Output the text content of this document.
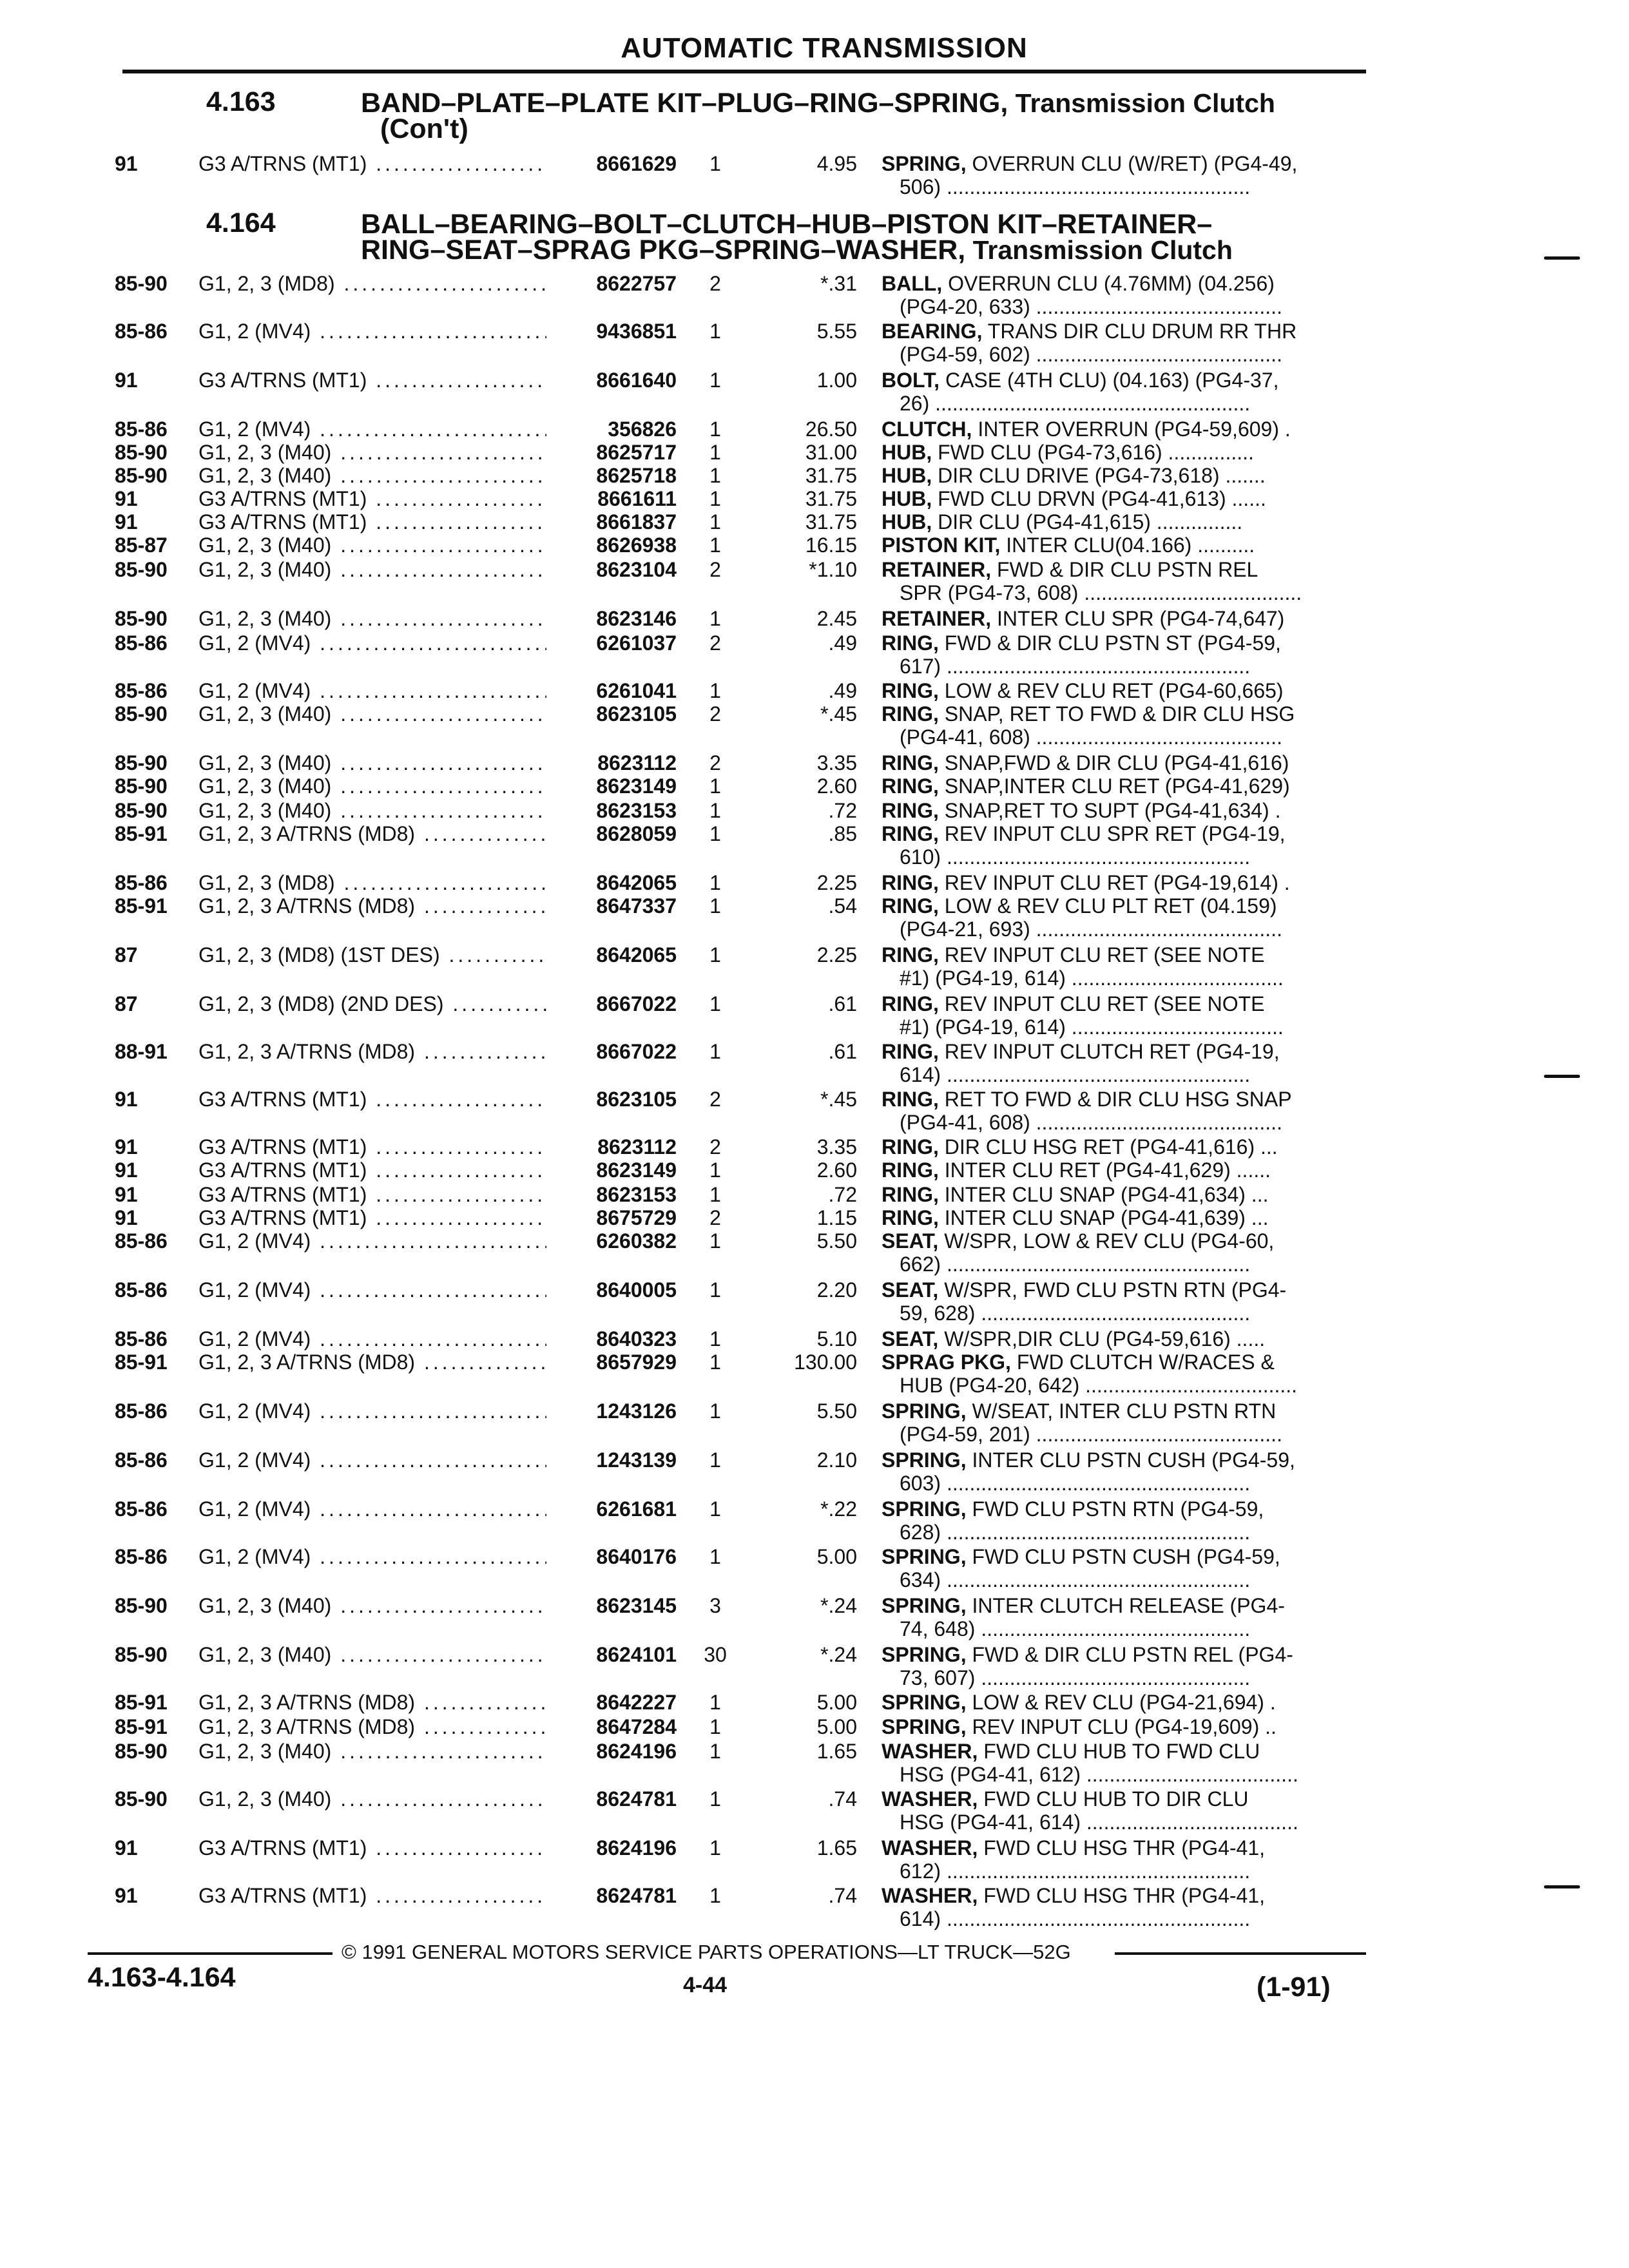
AUTOMATIC TRANSMISSION
4.163	BAND–PLATE–PLATE KIT–PLUG–RING–SPRING, Transmission Clutch
(Con't)
4.164	BALL–BEARING–BOLT–CLUTCH–HUB–PISTON KIT–RETAINER–
RING–SEAT–SPRAG PKG–SPRING–WASHER, Transmission Clutch
91	G3 A/TRNS (MT1) .....	8661629	1	4.95 SPRING, OVERRUN CLU (W/RET) (PG4-49,
506) .....................................................
85-90 G1, 2, 3 (MD8) .....	8622757	2	*.31 BALL, OVERRUN CLU (4.76MM) (04.256)
(PG4-20, 633) ...........................................
85-86 G1, 2 (MV4) .....	9436851	1	5.55 BEARING, TRANS DIR CLU DRUM RR THR
(PG4-59, 602) ...........................................
91	G3 A/TRNS (MT1) .....	8661640	1	1.00 BOLT, CASE (4TH CLU) (04.163) (PG4-37,
26) .......................................................
85-86 G1, 2 (MV4) .....	356826	1	26.50 CLUTCH, INTER OVERRUN (PG4-59,609) .
85-90 G1, 2, 3 (M40) .....	8625717	1	31.00 HUB, FWD CLU (PG4-73,616) ...............
85-90 G1, 2, 3 (M40) .....	8625718	1	31.75 HUB, DIR CLU DRIVE (PG4-73,618) .......
91	G3 A/TRNS (MT1) .....	8661611	1	31.75 HUB, FWD CLU DRVN (PG4-41,613) ......
91	G3 A/TRNS (MT1) .....	8661837	1	31.75 HUB, DIR CLU (PG4-41,615) ...............
85-87 G1, 2, 3 (M40) .....	8626938	1	16.15 PISTON KIT, INTER CLU(04.166) ..........
85-90 G1, 2, 3 (M40) .....	8623104	2	*1.10 RETAINER, FWD & DIR CLU PSTN REL
SPR (PG4-73, 608) ......................................
85-90 G1, 2, 3 (M40) .....	8623146	1	2.45 RETAINER, INTER CLU SPR (PG4-74,647)
85-86 G1, 2 (MV4) .....	6261037	2	.49 RING, FWD & DIR CLU PSTN ST (PG4-59,
617) .....................................................
85-86 G1, 2 (MV4) .....	6261041	1	.49 RING, LOW & REV CLU RET (PG4-60,665)
85-90 G1, 2, 3 (M40) .....	8623105	2	*.45 RING, SNAP, RET TO FWD & DIR CLU HSG
(PG4-41, 608) ...........................................
85-90 G1, 2, 3 (M40) .....	8623112	2	3.35 RING, SNAP,FWD & DIR CLU (PG4-41,616)
85-90 G1, 2, 3 (M40) .....	8623149	1	2.60 RING, SNAP,INTER CLU RET (PG4-41,629)
85-90 G1, 2, 3 (M40) .....	8623153	1	.72 RING, SNAP,RET TO SUPT (PG4-41,634) .
85-91 G1, 2, 3 A/TRNS (MD8) .....	8628059	1	.85 RING, REV INPUT CLU SPR RET (PG4-19,
610) .....................................................
85-86 G1, 2, 3 (MD8) .....	8642065	1	2.25 RING, REV INPUT CLU RET (PG4-19,614) .
85-91 G1, 2, 3 A/TRNS (MD8) .....	8647337	1	.54 RING, LOW & REV CLU PLT RET (04.159)
(PG4-21, 693) ...........................................
87	G1, 2, 3 (MD8) (1ST DES) .....	8642065	1	2.25 RING, REV INPUT CLU RET (SEE NOTE
#1) (PG4-19, 614) .....................................
87	G1, 2, 3 (MD8) (2ND DES) .....	8667022	1	.61 RING, REV INPUT CLU RET (SEE NOTE
#1) (PG4-19, 614) .....................................
88-91 G1, 2, 3 A/TRNS (MD8) .....	8667022	1	.61 RING, REV INPUT CLUTCH RET (PG4-19,
614) .....................................................
91	G3 A/TRNS (MT1) .....	8623105	2	*.45 RING, RET TO FWD & DIR CLU HSG SNAP
(PG4-41, 608) ...........................................
91	G3 A/TRNS (MT1) .....	8623112	2	3.35 RING, DIR CLU HSG RET (PG4-41,616) ...
91	G3 A/TRNS (MT1) .....	8623149	1	2.60 RING, INTER CLU RET (PG4-41,629) ......
91	G3 A/TRNS (MT1) .....	8623153	1	.72 RING, INTER CLU SNAP (PG4-41,634) ...
91	G3 A/TRNS (MT1) .....	8675729	2	1.15 RING, INTER CLU SNAP (PG4-41,639) ...
85-86 G1, 2 (MV4) .....	6260382	1	5.50 SEAT, W/SPR, LOW & REV CLU (PG4-60,
662) .....................................................
85-86 G1, 2 (MV4) .....	8640005	1	2.20 SEAT, W/SPR, FWD CLU PSTN RTN (PG4-
59, 628) ...............................................
85-86 G1, 2 (MV4) .....	8640323	1	5.10 SEAT, W/SPR,DIR CLU (PG4-59,616) .....
85-91 G1, 2, 3 A/TRNS (MD8) .....	8657929	1	130.00 SPRAG PKG, FWD CLUTCH W/RACES &
HUB (PG4-20, 642) .....................................
85-86 G1, 2 (MV4) .....	1243126	1	5.50 SPRING, W/SEAT, INTER CLU PSTN RTN
(PG4-59, 201) ...........................................
85-86 G1, 2 (MV4) .....	1243139	1	2.10 SPRING, INTER CLU PSTN CUSH (PG4-59,
603) .....................................................
85-86 G1, 2 (MV4) .....	6261681	1	*.22 SPRING, FWD CLU PSTN RTN (PG4-59,
628) .....................................................
85-86 G1, 2 (MV4) .....	8640176	1	5.00 SPRING, FWD CLU PSTN CUSH (PG4-59,
634) .....................................................
85-90 G1, 2, 3 (M40) .....	8623145	3	*.24 SPRING, INTER CLUTCH RELEASE (PG4-
74, 648) ...............................................
85-90 G1, 2, 3 (M40) .....	8624101	30	*.24 SPRING, FWD & DIR CLU PSTN REL (PG4-
73, 607) ...............................................
85-91 G1, 2, 3 A/TRNS (MD8) .....	8642227	1	5.00 SPRING, LOW & REV CLU (PG4-21,694) .
85-91 G1, 2, 3 A/TRNS (MD8) .....	8647284	1	5.00 SPRING, REV INPUT CLU (PG4-19,609) ..
85-90 G1, 2, 3 (M40) .....	8624196	1	1.65 WASHER, FWD CLU HUB TO FWD CLU
HSG (PG4-41, 612) .....................................
85-90 G1, 2, 3 (M40) .....	8624781	1	.74 WASHER, FWD CLU HUB TO DIR CLU
HSG (PG4-41, 614) .....................................
91	G3 A/TRNS (MT1) .....	8624196	1	1.65 WASHER, FWD CLU HSG THR (PG4-41,
612) .....................................................
91	G3 A/TRNS (MT1) .....	8624781	1	.74 WASHER, FWD CLU HSG THR (PG4-41,
614) .....................................................
© 1991 GENERAL MOTORS SERVICE PARTS OPERATIONS—LT TRUCK—52G
4.163-4.164	4-44	(1-91)
